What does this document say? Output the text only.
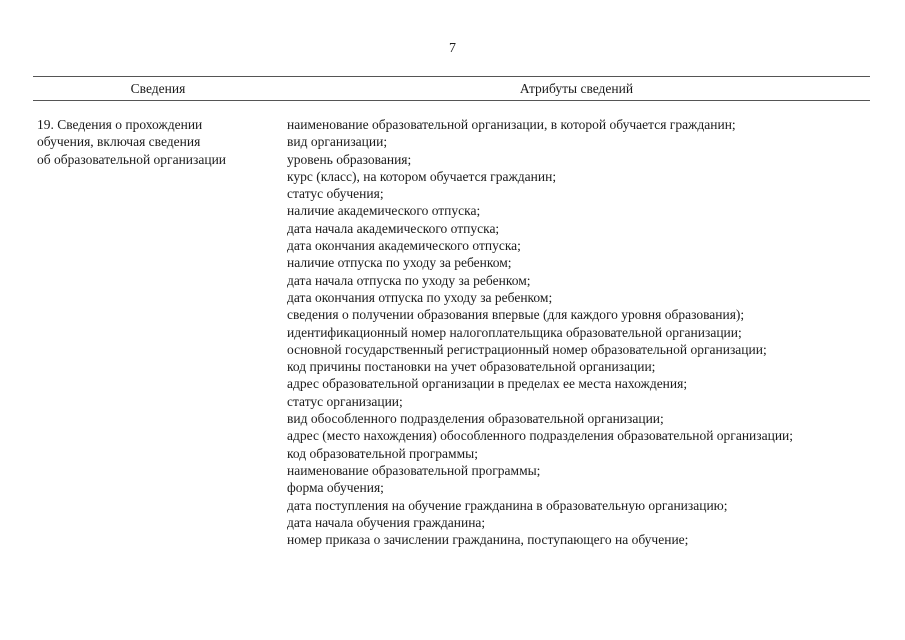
7
Сведения	Атрибуты сведений
19. Сведения о прохождении
обучения, включая сведения
об образовательной организации
наименование образовательной организации, в которой обучается гражданин;
вид организации;
уровень образования;
курс (класс), на котором обучается гражданин;
статус обучения;
наличие академического отпуска;
дата начала академического отпуска;
дата окончания академического отпуска;
наличие отпуска по уходу за ребенком;
дата начала отпуска по уходу за ребенком;
дата окончания отпуска по уходу за ребенком;
сведения о получении образования впервые (для каждого уровня образования);
идентификационный номер налогоплательщика образовательной организации;
основной государственный регистрационный номер образовательной организации;
код причины постановки на учет образовательной организации;
адрес образовательной организации в пределах ее места нахождения;
статус организации;
вид обособленного подразделения образовательной организации;
адрес (место нахождения) обособленного подразделения образовательной организации;
код образовательной программы;
наименование образовательной программы;
форма обучения;
дата поступления на обучение гражданина в образовательную организацию;
дата начала обучения гражданина;
номер приказа о зачислении гражданина, поступающего на обучение;
